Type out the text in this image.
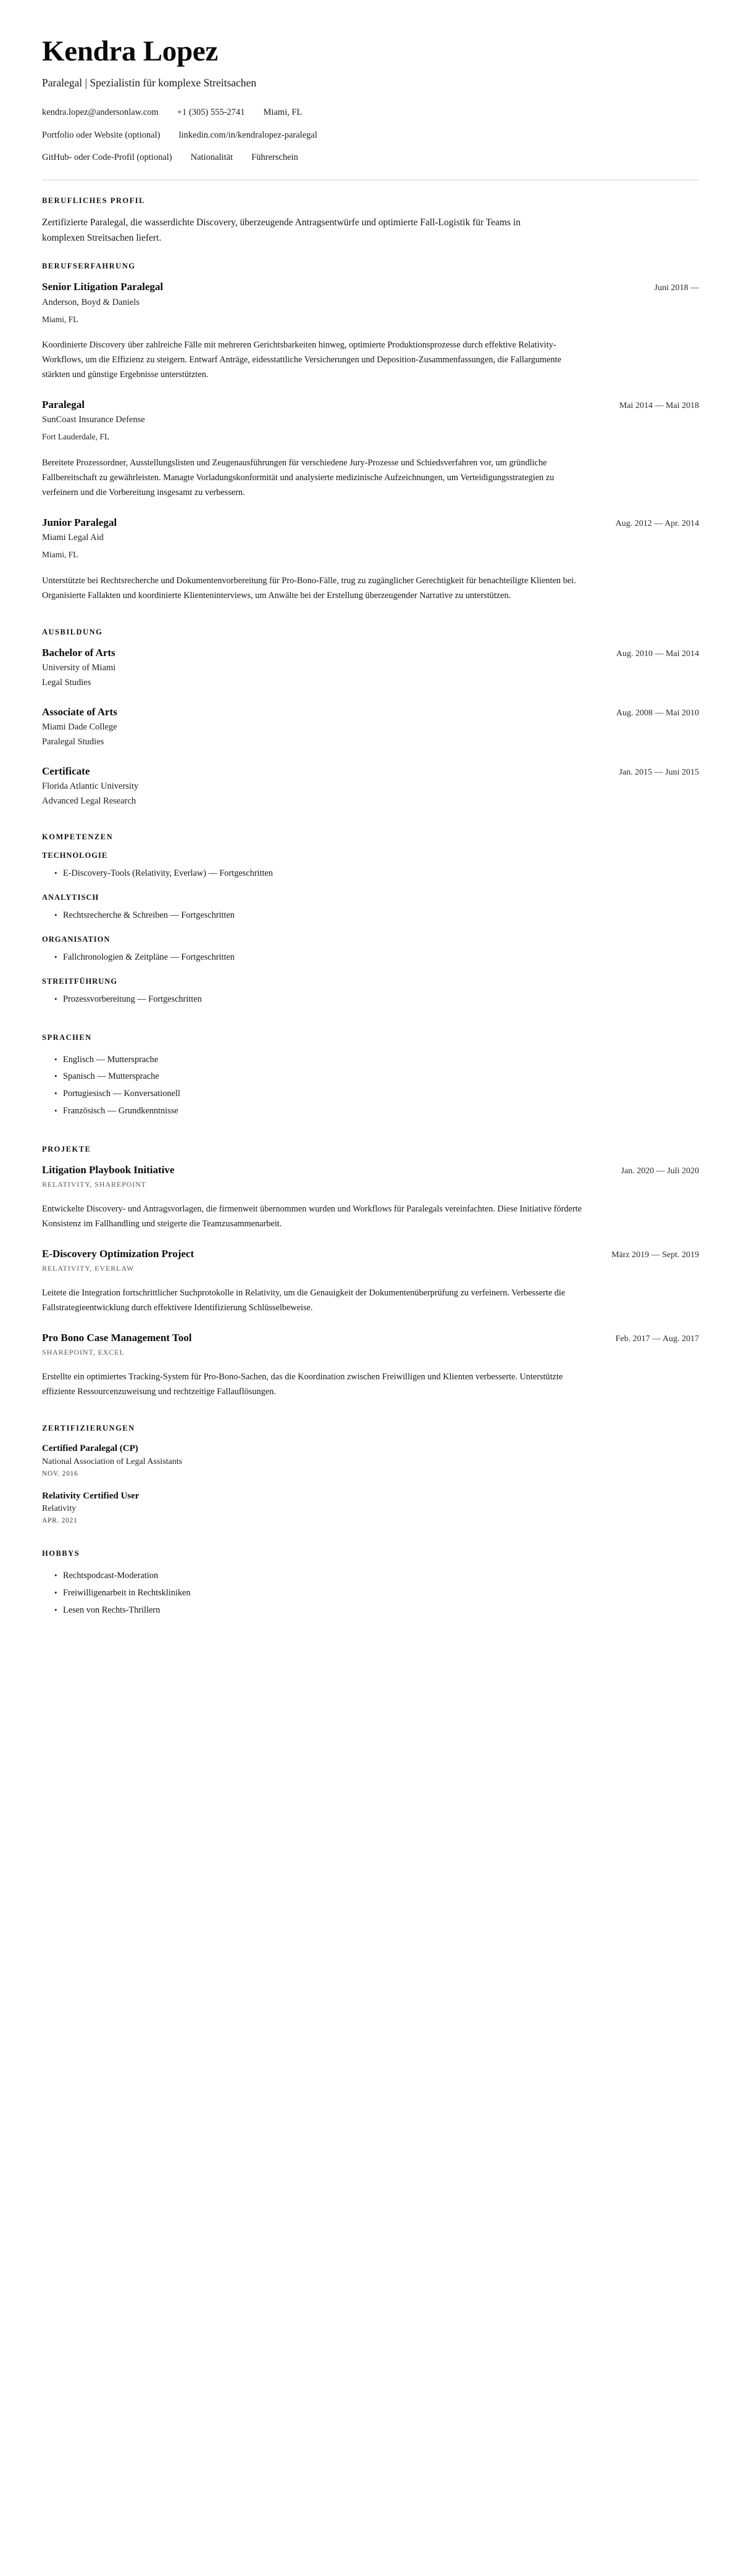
Kendra Lopez
Paralegal | Spezialistin für komplexe Streitsachen
kendra.lopez@andersonlaw.com +1 (305) 555-2741 Miami, FL
Portfolio oder Website (optional) linkedin.com/in/kendralopez-paralegal
GitHub- oder Code-Profil (optional) Nationalität Führerschein
BERUFLICHES PROFIL

Zertifizierte Paralegal, die wasserdichte Discovery, überzeugende Antragsentwürfe und optimierte Fall-Logistik für Teams in komplexen Streitsachen liefert.

BERUFSERFAHRUNG
Senior Litigation Paralegal	Juni 2018 —
Anderson, Boyd & Daniels
Miami, FL
Koordinierte Discovery über zahlreiche Fälle mit mehreren Gerichtsbarkeiten hinweg, optimierte Produktionsprozesse durch effektive Relativity-Workflows, um die Effizienz zu steigern. Entwarf Anträge, eidesstattliche Versicherungen und Deposition-Zusammenfassungen, die Fallargumente stärkten und günstige Ergebnisse unterstützten.
Paralegal	Mai 2014 — Mai 2018
SunCoast Insurance Defense
Fort Lauderdale, FL
Bereitete Prozessordner, Ausstellungslisten und Zeugenausführungen für verschiedene Jury-Prozesse und Schiedsverfahren vor, um gründliche Fallbereitschaft zu gewährleisten. Managte Vorladungskonformität und analysierte medizinische Aufzeichnungen, um Verteidigungsstrategien zu verfeinern und die Vorbereitung insgesamt zu verbessern.
Junior Paralegal	Aug. 2012 — Apr. 2014
Miami Legal Aid
Miami, FL
Unterstützte bei Rechtsrecherche und Dokumentenvorbereitung für Pro-Bono-Fälle, trug zu zugänglicher Gerechtigkeit für benachteiligte Klienten bei. Organisierte Fallakten und koordinierte Klienteninterviews, um Anwälte bei der Erstellung überzeugender Narrative zu unterstützen.
AUSBILDUNG
Bachelor of Arts	Aug. 2010 — Mai 2014
University of Miami
Legal Studies
Associate of Arts	Aug. 2008 — Mai 2010
Miami Dade College
Paralegal Studies
Certificate	Jan. 2015 — Juni 2015
Florida Atlantic University
Advanced Legal Research
KOMPETENZEN
TECHNOLOGIE
• E-Discovery-Tools (Relativity, Everlaw) — Fortgeschritten
ANALYTISCH
• Rechtsrecherche & Schreiben — Fortgeschritten
ORGANISATION
• Fallchronologien & Zeitpläne — Fortgeschritten
STREITFÜHRUNG
• Prozessvorbereitung — Fortgeschritten
SPRACHEN
• Englisch — Muttersprache
• Spanisch — Muttersprache
• Portugiesisch — Konversationell
• Französisch — Grundkenntnisse
PROJEKTE
Litigation Playbook Initiative	Jan. 2020 — Juli 2020
RELATIVITY, SHAREPOINT
Entwickelte Discovery- und Antragsvorlagen, die firmenweit übernommen wurden und Workflows für Paralegals vereinfachten. Diese Initiative förderte Konsistenz im Fallhandling und steigerte die Teamzusammenarbeit.
E-Discovery Optimization Project	März 2019 — Sept. 2019
RELATIVITY, EVERLAW
Leitete die Integration fortschrittlicher Suchprotokolle in Relativity, um die Genauigkeit der Dokumentenüberprüfung zu verfeinern. Verbesserte die Fallstrategieentwicklung durch effektivere Identifizierung Schlüsselbeweise.
Pro Bono Case Management Tool	Feb. 2017 — Aug. 2017
SHAREPOINT, EXCEL
Erstellte ein optimiertes Tracking-System für Pro-Bono-Sachen, das die Koordination zwischen Freiwilligen und Klienten verbesserte. Unterstützte effiziente Ressourcenzuweisung und rechtzeitige Fallauflösungen.
ZERTIFIZIERUNGEN
Certified Paralegal (CP)
National Association of Legal Assistants
NOV. 2016
Relativity Certified User
Relativity
APR. 2021
HOBBYS
• Rechtspodcast-Moderation
• Freiwilligenarbeit in Rechtskliniken
• Lesen von Rechts-Thrillern
